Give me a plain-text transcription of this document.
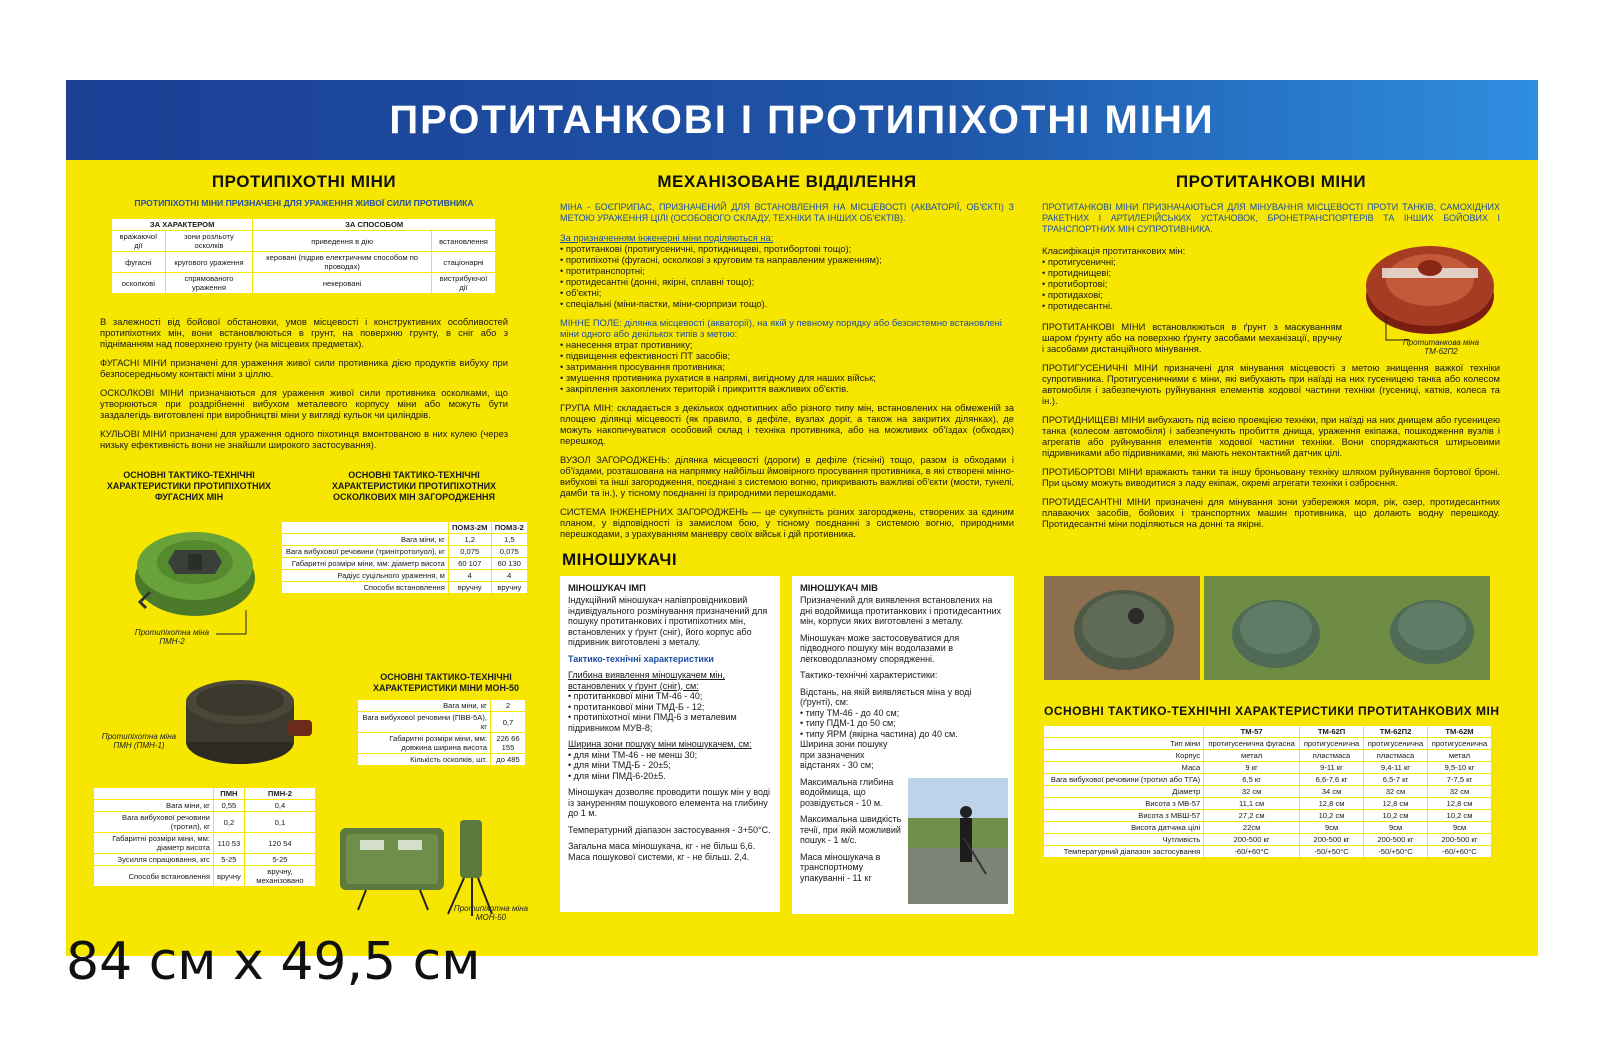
ПРОТИТАНКОВІ І ПРОТИПІХОТНІ МІНИ
ПРОТИПІХОТНІ МІНИ
ПРОТИПІХОТНІ МІНИ ПРИЗНАЧЕНІ ДЛЯ УРАЖЕННЯ ЖИВОЇ СИЛИ ПРОТИВНИКА
ЗА ХАРАКТЕРОМ		ЗА СПОСОБОМ	
вражаючої дії	зони розльоту осколків	приведення в дію	встановлення
фугасні	кругового ураження	керовані (підрив електричним способом по проводах)	стаціонарні
осколкові	спрямованого ураження	некеровані	вистрибуючої дії

В залежності від бойової обстановки, умов місцевості і конструктивних особливостей протипіхотних мін, вони встановлюються в грунт, на поверхню грунту, в сніг або з підніманням над поверхнею грунту (на місцевих предметах).

ФУГАСНІ МІНИ призначені для ураження живої сили противника дією продуктів вибуху при безпосередньому контакті міни з ціллю.

ОСКОЛКОВІ МІНИ призначаються для ураження живої сили противника осколками, що утворюються при роздрібненні вибухом металевого корпусу міни або можуть бути заздалегідь виготовлені при виробництві міни у вигляді кульок чи циліндрів.

КУЛЬОВІ МІНИ призначені для ураження одного піхотинця вмонтованою в них кулею (через низьку ефективність вони не знайшли широкого застосування).

ОСНОВНІ ТАКТИКО-ТЕХНІЧНІ ХАРАКТЕРИСТИКИ ПРОТИПІХОТНИХ ФУГАСНИХ МІН
ОСНОВНІ ТАКТИКО-ТЕХНІЧНІ ХАРАКТЕРИСТИКИ ПРОТИПІХОТНИХ ОСКОЛКОВИХ МІН ЗАГОРОДЖЕННЯ
	ПОМЗ-2М	ПОМЗ-2
Вага міни, кг	1,2	1,5
Вага вибухової речовини (тринітротолуол), кг	0,075	0,075
Габаритні розміри міни, мм: діаметр висота	60 107	60 130
Радіус суцільного ураження, м	4	4
Способи встановлення	вручну	вручну
Протипіхотна міна ПМН-2
Протипіхотна міна ПМН (ПМН-1)
ОСНОВНІ ТАКТИКО-ТЕХНІЧНІ ХАРАКТЕРИСТИКИ МІНИ МОН-50
Вага міни, кг	2
Вага вибухової речовини (ПВВ-5А), кг	0,7
Габаритні розміри міни, мм: довжина ширина висота	226 66 155
Кількість осколків, шт.	до 485
	ПМН	ПМН-2
Вага міни, кг	0,55	0,4
Вага вибухової речовини (тротил), кг	0,2	0,1
Габаритні розміри міни, мм: діаметр висота	110 53	120 54
Зусилля спрацювання, кгс	5-25	5-25
Способи встановлення	вручну	вручну, механізовано
Протипіхотна міна МОН-50
МЕХАНІЗОВАНЕ ВІДДІЛЕННЯ

МІНА - БОЄПРИПАС, ПРИЗНАЧЕНИЙ ДЛЯ ВСТАНОВЛЕННЯ НА МІСЦЕВОСТІ (АКВАТОРІЇ, ОБ'ЄКТІ) З МЕТОЮ УРАЖЕННЯ ЦІЛІ (ОСОБОВОГО СКЛАДУ, ТЕХНІКИ ТА ІНШИХ ОБ'ЄКТІВ).

За призначенням інженерні міни поділяються на:
• протитанкові (протигусеничні, протиднищеві, протибортові тощо);
• протипіхотні (фугасні, осколкові з круговим та направленим ураженням);
• протитранспортні;
• протидесантні (донні, якірні, сплавні тощо);
• об'єктні;
• спеціальні (міни-пастки, міни-сюрпризи тощо).
МІННЕ ПОЛЕ: ділянка місцевості (акваторії), на якій у певному порядку або безсистемно встановлені міни одного або декількох типів з метою:
• нанесення втрат противнику;
• підвищення ефективності ПТ засобів;
• затримання просування противника;
• змушення противника рухатися в напрямі, вигідному для наших військ;
• закріплення захоплених територій і прикриття важливих об'єктів.

ГРУПА МІН: складається з декількох однотипних або різного типу мін, встановлених на обмеженій за площею ділянці місцевості (як правило, в дефіле, вузлах доріг, а також на закритих ділянках), де можуть накопичуватися особовий склад і техніка противника, або на можливих об'їздах (обходах) перешкод.

ВУЗОЛ ЗАГОРОДЖЕНЬ: ділянка місцевості (дороги) в дефіле (тісніні) тощо, разом із обходами і об'їздами, розташована на напрямку найбільш ймовірного просування противника, в які створені мінно-вибухові та інші загородження, поєднані з системою вогню, прикривають важливі об'єкти (мости, тунелі, дамби та ін.), у тісному поєднанні із природними перешкодами.

СИСТЕМА ІНЖЕНЕРНИХ ЗАГОРОДЖЕНЬ — це сукупність різних загороджень, створених за єдиним планом, у відповідності із замислом бою, у тісному поєднанні з системою вогню, природними перешкодами, з урахуванням маневру своїх військ і дій противника.

МІНОШУКАЧІ
МІНОШУКАЧ ІМП

Індукційний міношукач напівпровідниковий індивідуального розмінування призначений для пошуку протитанкових і протипіхотних мін, встановлених у ґрунт (сніг), його корпус або підривник виготовлені з металу.

Тактико-технічні характеристики

Глибина виявлення міношукачем мін, встановлених у ґрунт (сніг), см:
• протитанкової міни ТМ-46 - 40;
• протитанкової міни ТМД-Б - 12;
• протипіхотної міни ПМД-6 з металевим підривником МУВ-8;
Ширина зони пошуку міни міношукачем, см:
• для міни ТМ-46 - не менш 30;
• для міни ТМД-Б - 20±5;
• для міни ПМД-6-20±5.

Міношукач дозволяє проводити пошук мін у воді із зануренням пошукового елемента на глибину до 1 м.

Температурний діапазон застосування - 3+50°C.

Загальна маса міношукача, кг - не більш 6,6. Маса пошукової системи, кг - не більш. 2,4.

МІНОШУКАЧ МІВ

Призначений для виявлення встановлених на дні водоймища протитанкових і протидесантних мін, корпуси яких виготовлені з металу.

Міношукач може застосовуватися для підводного пошуку мін водолазами в легководолазному спорядженні.

Тактико-технічні характеристики:

Відстань, на якій виявляється міна у воді (ґрунті), см:
• типу ТМ-46 - до 40 см;
• типу ПДМ-1 до 50 см;
• типу ЯРМ (якірна частина) до 40 см.

Ширина зони пошуку при зазначених відстанях - 30 см;

Максимальна глибина водоймища, що розвідується - 10 м.

Максимальна швидкість течії, при якій можливий пошук - 1 м/с.

Маса міношукача в транспортному упакуванні - 11 кг

ПРОТИТАНКОВІ МІНИ

ПРОТИТАНКОВІ МІНИ ПРИЗНАЧАЮТЬСЯ ДЛЯ МІНУВАННЯ МІСЦЕВОСТІ ПРОТИ ТАНКІВ, САМОХІДНИХ РАКЕТНИХ І АРТИЛЕРІЙСЬКИХ УСТАНОВОК, БРОНЕТРАНСПОРТЕРІВ ТА ІНШИХ БОЙОВИХ І ТРАНСПОРТНИХ МІН СУПРОТИВНИКА.

Класифікація протитанкових мін:
• протигусеничні;
• протиднищеві;
• протибортові;
• протидахові;
• протидесантні.

ПРОТИТАНКОВІ МІНИ встановлюються в ґрунт з маскуванням шаром ґрунту або на поверхню ґрунту засобами механізації, вручну і засобами дистанційного мінування.

ПРОТИГУСЕНИЧНІ МІНИ призначені для мінування місцевості з метою знищення важкої техніки супротивника. Протигусеничними є міни, які вибухають при наїзді на них гусеницею танка або колесом автомобіля і забезпечують руйнування елементів ходової частини техніки (гусениці, катків, колеса та ін.).

ПРОТИДНИЩЕВІ МІНИ вибухають під всією проекцією техніки, при наїзді на них днищем або гусеницею танка (колесом автомобіля) і забезпечують пробиття днища, ураження екіпажа, пошкодження вузлів і агрегатів або руйнування елементів ходової частини техніки. Вони споряджаються штирьовими підривниками або підривниками, які мають неконтактний датчик цілі.

ПРОТИБОРТОВІ МІНИ вражають танки та іншу броньовану техніку шляхом руйнування бортової броні. При цьому можуть виводитися з ладу екіпаж, окремі агрегати техніки і озброєння.

ПРОТИДЕСАНТНІ МІНИ призначені для мінування зони узбережжя моря, рік, озер, протидесантних плаваючих засобів, бойових і транспортних машин противника, що долають водну перешкоду. Протидесантні міни поділяються на донні та якірні.

Протитанкова міна ТМ-62П2
ОСНОВНІ ТАКТИКО-ТЕХНІЧНІ ХАРАКТЕРИСТИКИ ПРОТИТАНКОВИХ МІН
	ТМ-57	ТМ-62П	ТМ-62П2	ТМ-62М
Тип міни	протигусенична фугасна	протигусенична	протигусенична	протигусенична
Корпус	метал	пластмаса	пластмаса	метал
Маса	9 кг	9-11 кг	9,4-11 кг	9,5-10 кг
Вага вибухової речовини (тротил або ТГА)	6,5 кг	6,6-7,6 кг	6,5-7 кг	7-7,5 кг
Діаметр	32 см	34 см	32 см	32 см
Висота з МВ-57	11,1 см	12,8 см	12,8 см	12,8 см
Висота з МВШ-57	27,2 см	10,2 см	10,2 см	10,2 см
Висота датчика цілі	22см	9см	9см	9см
Чутливість	200-500 кг	200-500 кг	200-500 кг	200-500 кг
Температурний діапазон застосування	-60/+60°С	-50/+50°С	-50/+50°С	-60/+60°С
84 см х 49,5 см
